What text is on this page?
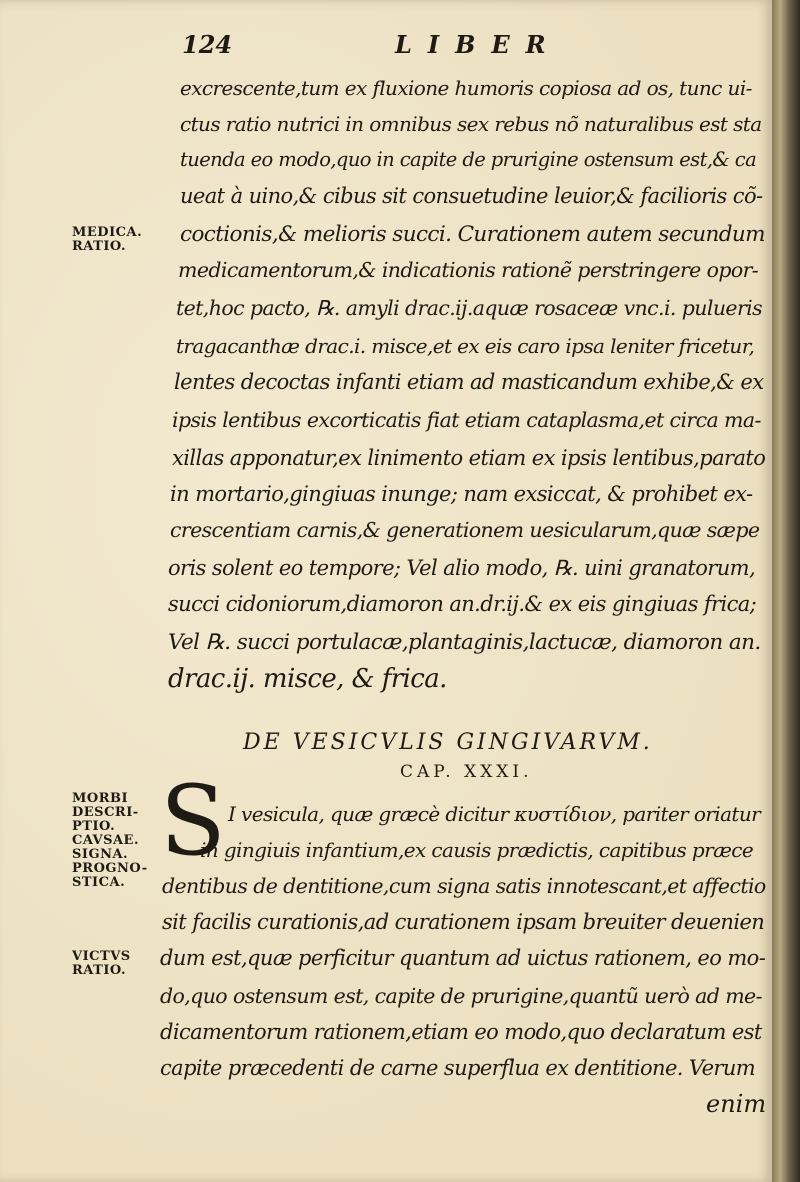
124	LIBER
MEDICA.
RATIO.
MORBI
DESCRI-
PTIO.
CAVSAE.
SIGNA.
PROGNO-
STICA.
VICTVS
RATIO.
excrescente,tum ex fluxione humoris copiosa ad os, tunc ui-
ctus ratio nutrici in omnibus sex rebus nõ naturalibus est sta
tuenda eo modo,quo in capite de prurigine ostensum est,& ca
ueat à uino,& cibus sit consuetudine leuior,& facilioris cõ-
coctionis,& melioris succi. Curationem autem secundum
medicamentorum,& indicationis rationẽ perstringere opor-
tet,hoc pacto, ℞. amyli drac.ij.aquæ rosaceæ vnc.i. pulueris
tragacanthæ drac.i. misce,et ex eis caro ipsa leniter fricetur,
lentes decoctas infanti etiam ad masticandum exhibe,& ex
ipsis lentibus excorticatis fiat etiam cataplasma,et circa ma-
xillas apponatur,ex linimento etiam ex ipsis lentibus,parato
in mortario,gingiuas inunge; nam exsiccat, & prohibet ex-
crescentiam carnis,& generationem uesicularum,quæ sæpe
oris solent eo tempore; Vel alio modo, ℞. uini granatorum,
succi cidoniorum,diamoron an.dr.ij.& ex eis gingiuas frica;
Vel ℞. succi portulacæ,plantaginis,lactucæ, diamoron an.
drac.ij. misce, & frica.
DE VESICVLIS GINGIVARVM.
CAP. XXXI.
S I vesicula, quæ græcè dicitur κυστίδιον, pariter oriatur
in gingiuis infantium,ex causis prædictis, capitibus præce
dentibus de dentitione,cum signa satis innotescant,et affectio
sit facilis curationis,ad curationem ipsam breuiter deuenien
dum est,quæ perficitur quantum ad uictus rationem, eo mo-
do,quo ostensum est, capite de prurigine,quantũ uerò ad me-
dicamentorum rationem,etiam eo modo,quo declaratum est
capite præcedenti de carne superflua ex dentitione. Verum
enim
